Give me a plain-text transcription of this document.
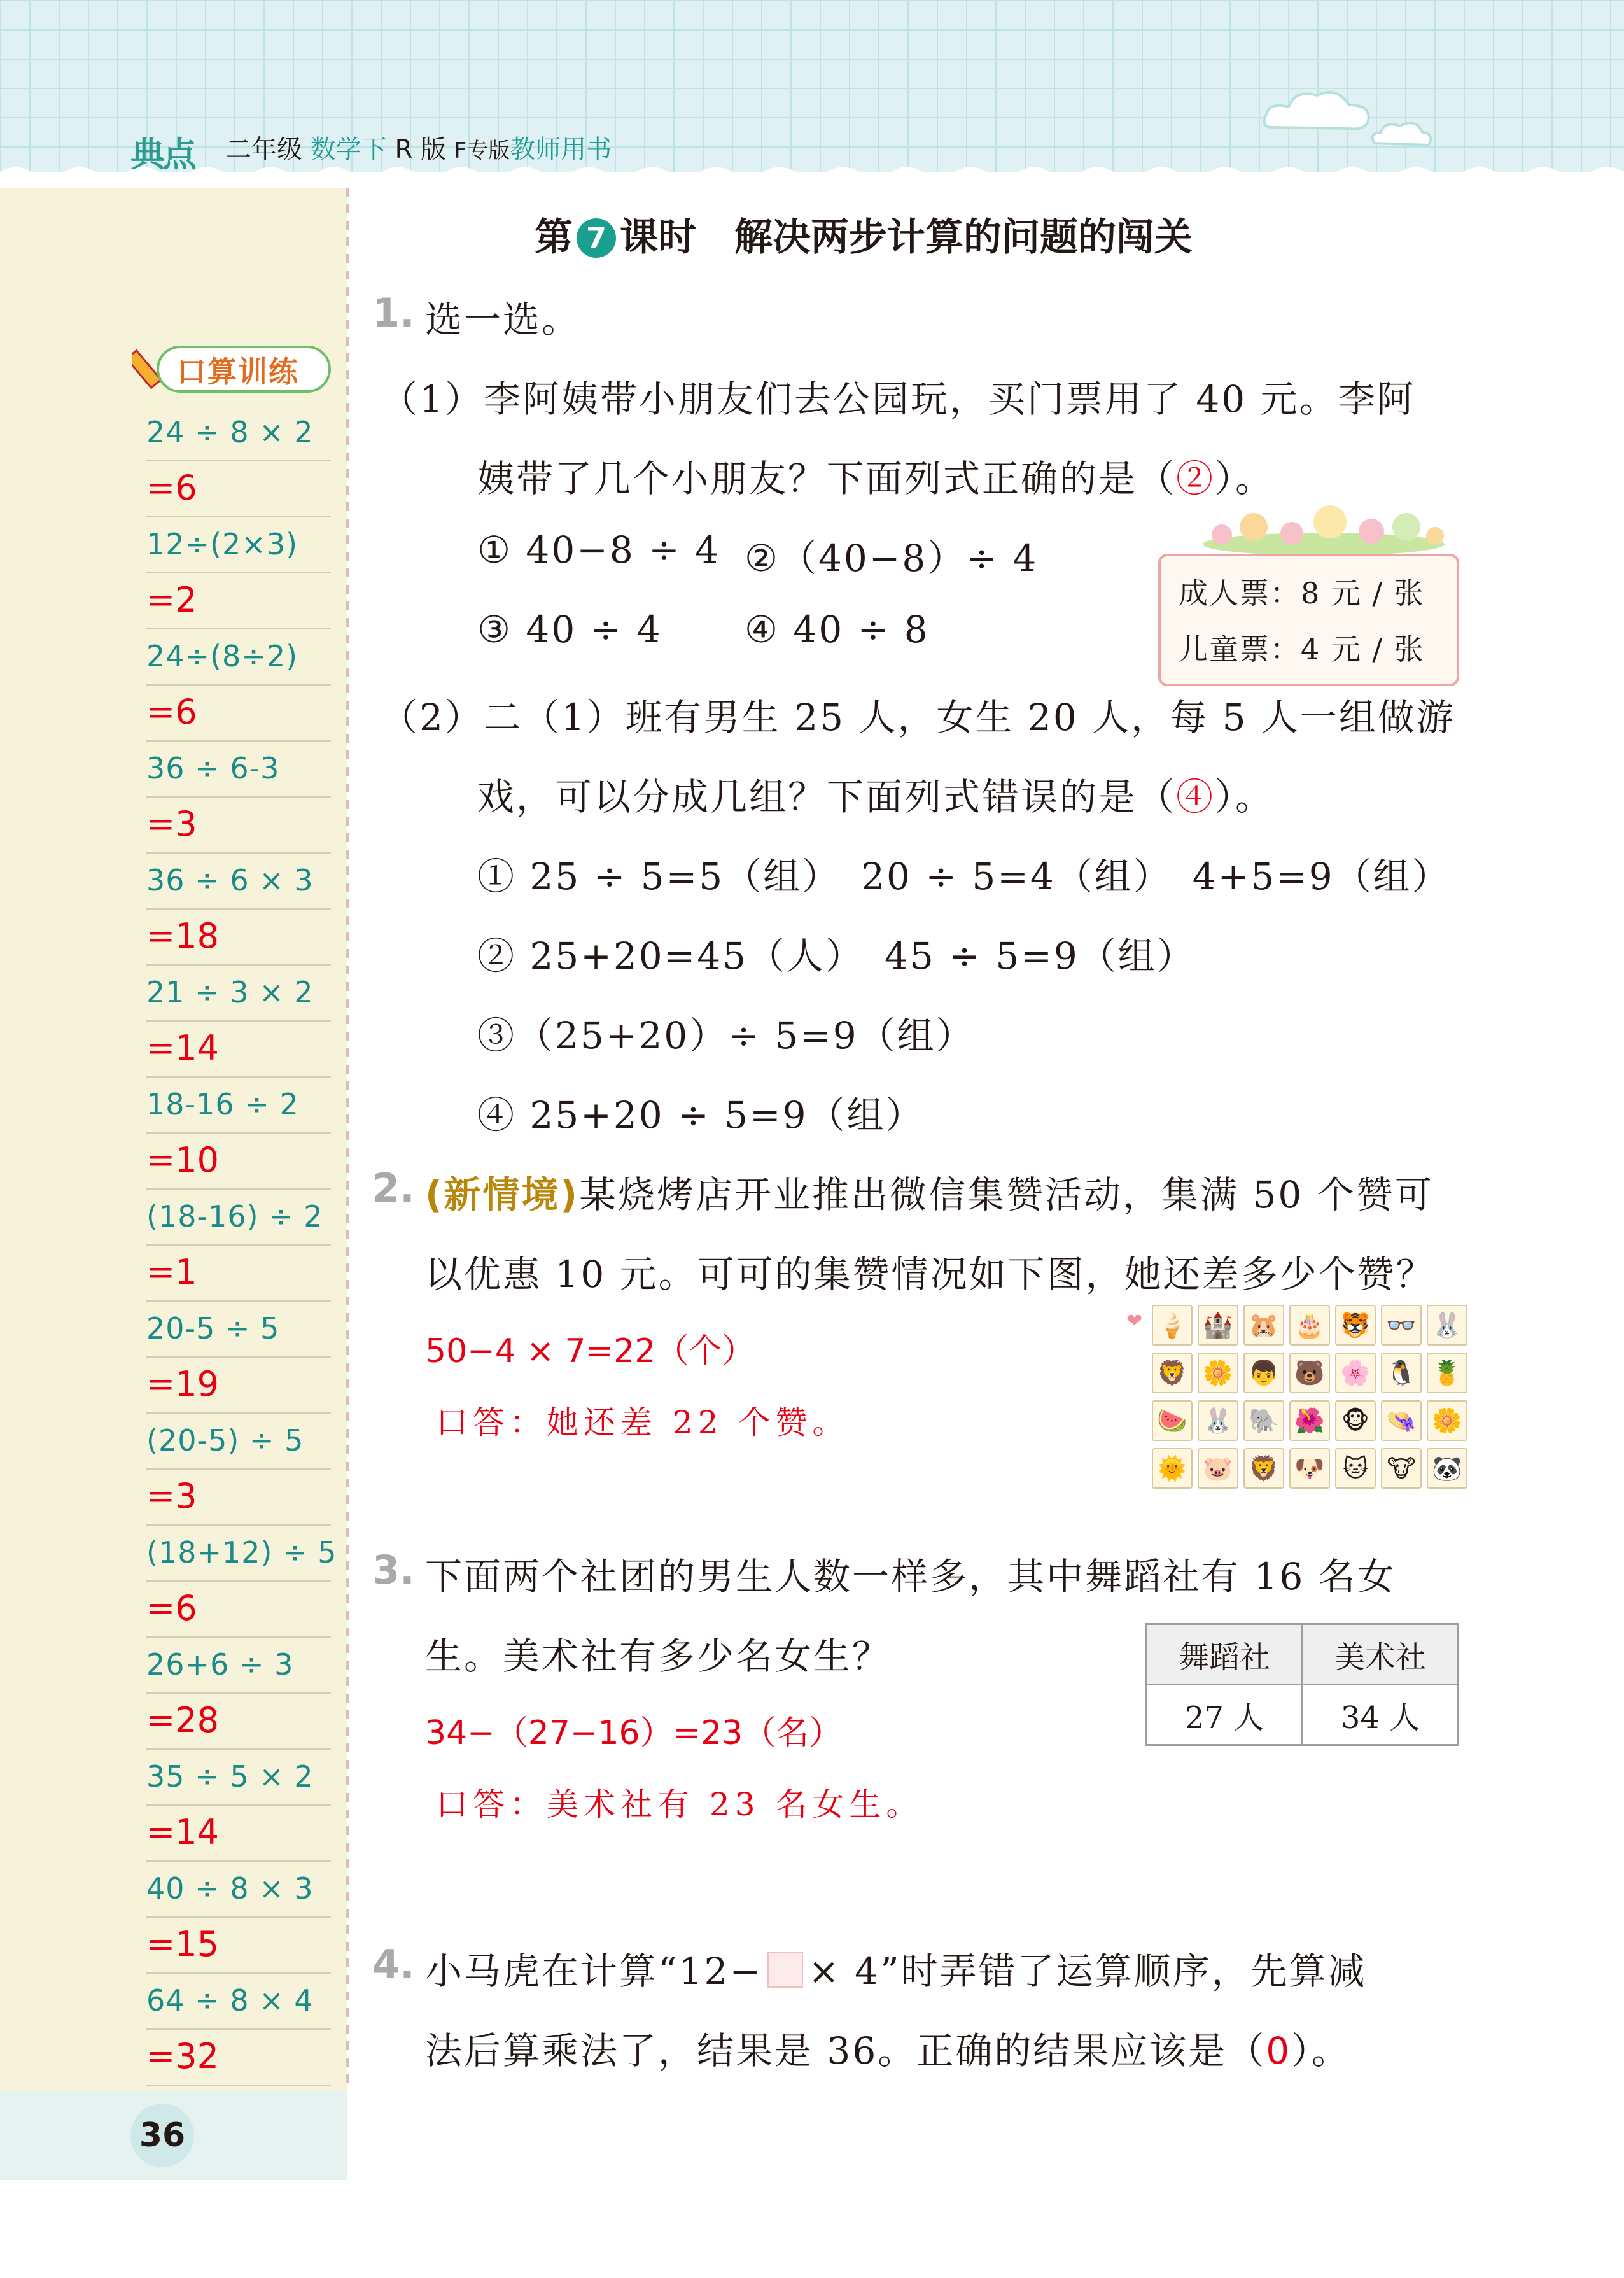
典点 二年级 数学下 R 版 F专版教师用书
口算训练
24 ÷ 8 × 2
=6
12÷(2×3)
=2
24÷(8÷2)
=6
36 ÷ 6-3
=3
36 ÷ 6 × 3
=18
21 ÷ 3 × 2
=14
18-16 ÷ 2
=10
(18-16) ÷ 2
=1
20-5 ÷ 5
=19
(20-5) ÷ 5
=3
(18+12) ÷ 5
=6
26+6 ÷ 3
=28
35 ÷ 5 × 2
=14
40 ÷ 8 × 3
=15
64 ÷ 8 × 4
=32
36
第 7 课时　解决两步计算的问题的闯关
1. 选一选。
（1）李阿姨带小朋友们去公园玩，买门票用了 40 元。李阿
姨带了几个小朋友？下面列式正确的是（②）。
① 40−8 ÷ 4 ②（40−8）÷ 4
③ 40 ÷ 4 ④ 40 ÷ 8
成人票：8 元 / 张
儿童票：4 元 / 张
（2）二（1）班有男生 25 人，女生 20 人，每 5 人一组做游
戏，可以分成几组？下面列式错误的是（④）。
① 25 ÷ 5=5（组）　20 ÷ 5=4（组）　4+5=9（组）
② 25+20=45（人）　45 ÷ 5=9（组）
③（25+20）÷ 5=9（组）
④ 25+20 ÷ 5=9（组）
2. (新情境)某烧烤店开业推出微信集赞活动，集满 50 个赞可
以优惠 10 元。可可的集赞情况如下图，她还差多少个赞？
50−4 × 7=22（个）
口答：她还差 22 个赞。
❤ 🍦 🏰 🐹 🎂 🐯 👓 🐰
🦁 🌼 👦 🐻 🌸 🐧 🍍
🍉 🐰 🐘 🌺 🐵 👒 🌼
🌞 🐷 🦁 🐶 🐱 🐮 🐼
3. 下面两个社团的男生人数一样多，其中舞蹈社有 16 名女
生。美术社有多少名女生？	舞蹈社	美术社
27 人	34 人
34−（27−16）=23（名）
口答：美术社有 23 名女生。
4. 小马虎在计算“12− × 4”时弄错了运算顺序，先算减
法后算乘法了，结果是 36。正确的结果应该是（0）。
